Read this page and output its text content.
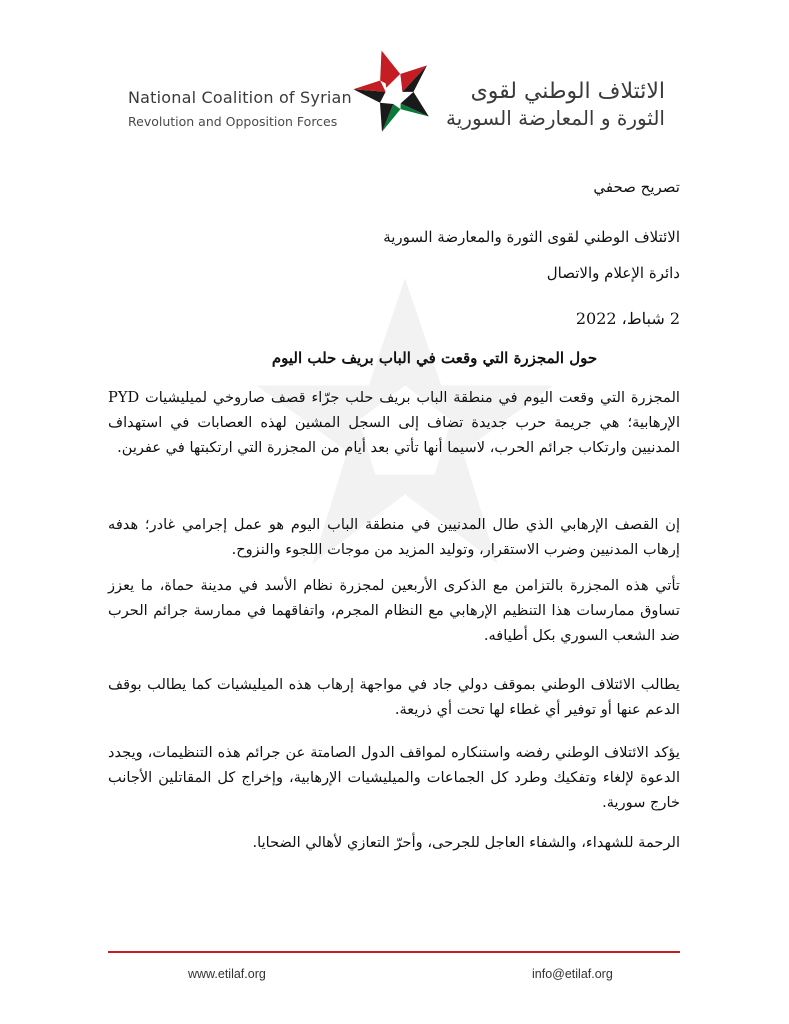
National Coalition of Syrian
Revolution and Opposition Forces
الائتلاف الوطني لقوى
الثورة و المعارضة السورية
تصريح صحفي
الائتلاف الوطني لقوى الثورة والمعارضة السورية
دائرة الإعلام والاتصال
2 شباط، 2022
حول المجزرة التي وقعت في الباب بريف حلب اليوم
المجزرة التي وقعت اليوم في منطقة الباب بريف حلب جرّاء قصف صاروخي لميليشيات PYD الإرهابية؛ هي جريمة حرب جديدة تضاف إلى السجل المشين لهذه العصابات في استهداف المدنيين وارتكاب جرائم الحرب، لاسيما أنها تأتي بعد أيام من المجزرة التي ارتكبتها في عفرين.
إن القصف الإرهابي الذي طال المدنيين في منطقة الباب اليوم هو عمل إجرامي غادر؛ هدفه إرهاب المدنيين وضرب الاستقرار، وتوليد المزيد من موجات اللجوء والنزوح.
تأتي هذه المجزرة بالتزامن مع الذكرى الأربعين لمجزرة نظام الأسد في مدينة حماة، ما يعزز تساوق ممارسات هذا التنظيم الإرهابي مع النظام المجرم، واتفاقهما في ممارسة جرائم الحرب ضد الشعب السوري بكل أطيافه.
يطالب الائتلاف الوطني بموقف دولي جاد في مواجهة إرهاب هذه الميليشيات كما يطالب بوقف الدعم عنها أو توفير أي غطاء لها تحت أي ذريعة.
يؤكد الائتلاف الوطني رفضه واستنكاره لمواقف الدول الصامتة عن جرائم هذه التنظيمات، ويجدد الدعوة لإلغاء وتفكيك وطرد كل الجماعات والميليشيات الإرهابية، وإخراج كل المقاتلين الأجانب خارج سورية.
الرحمة للشهداء، والشفاء العاجل للجرحى، وأحرّ التعازي لأهالي الضحايا.
www.etilaf.org	info@etilaf.org
